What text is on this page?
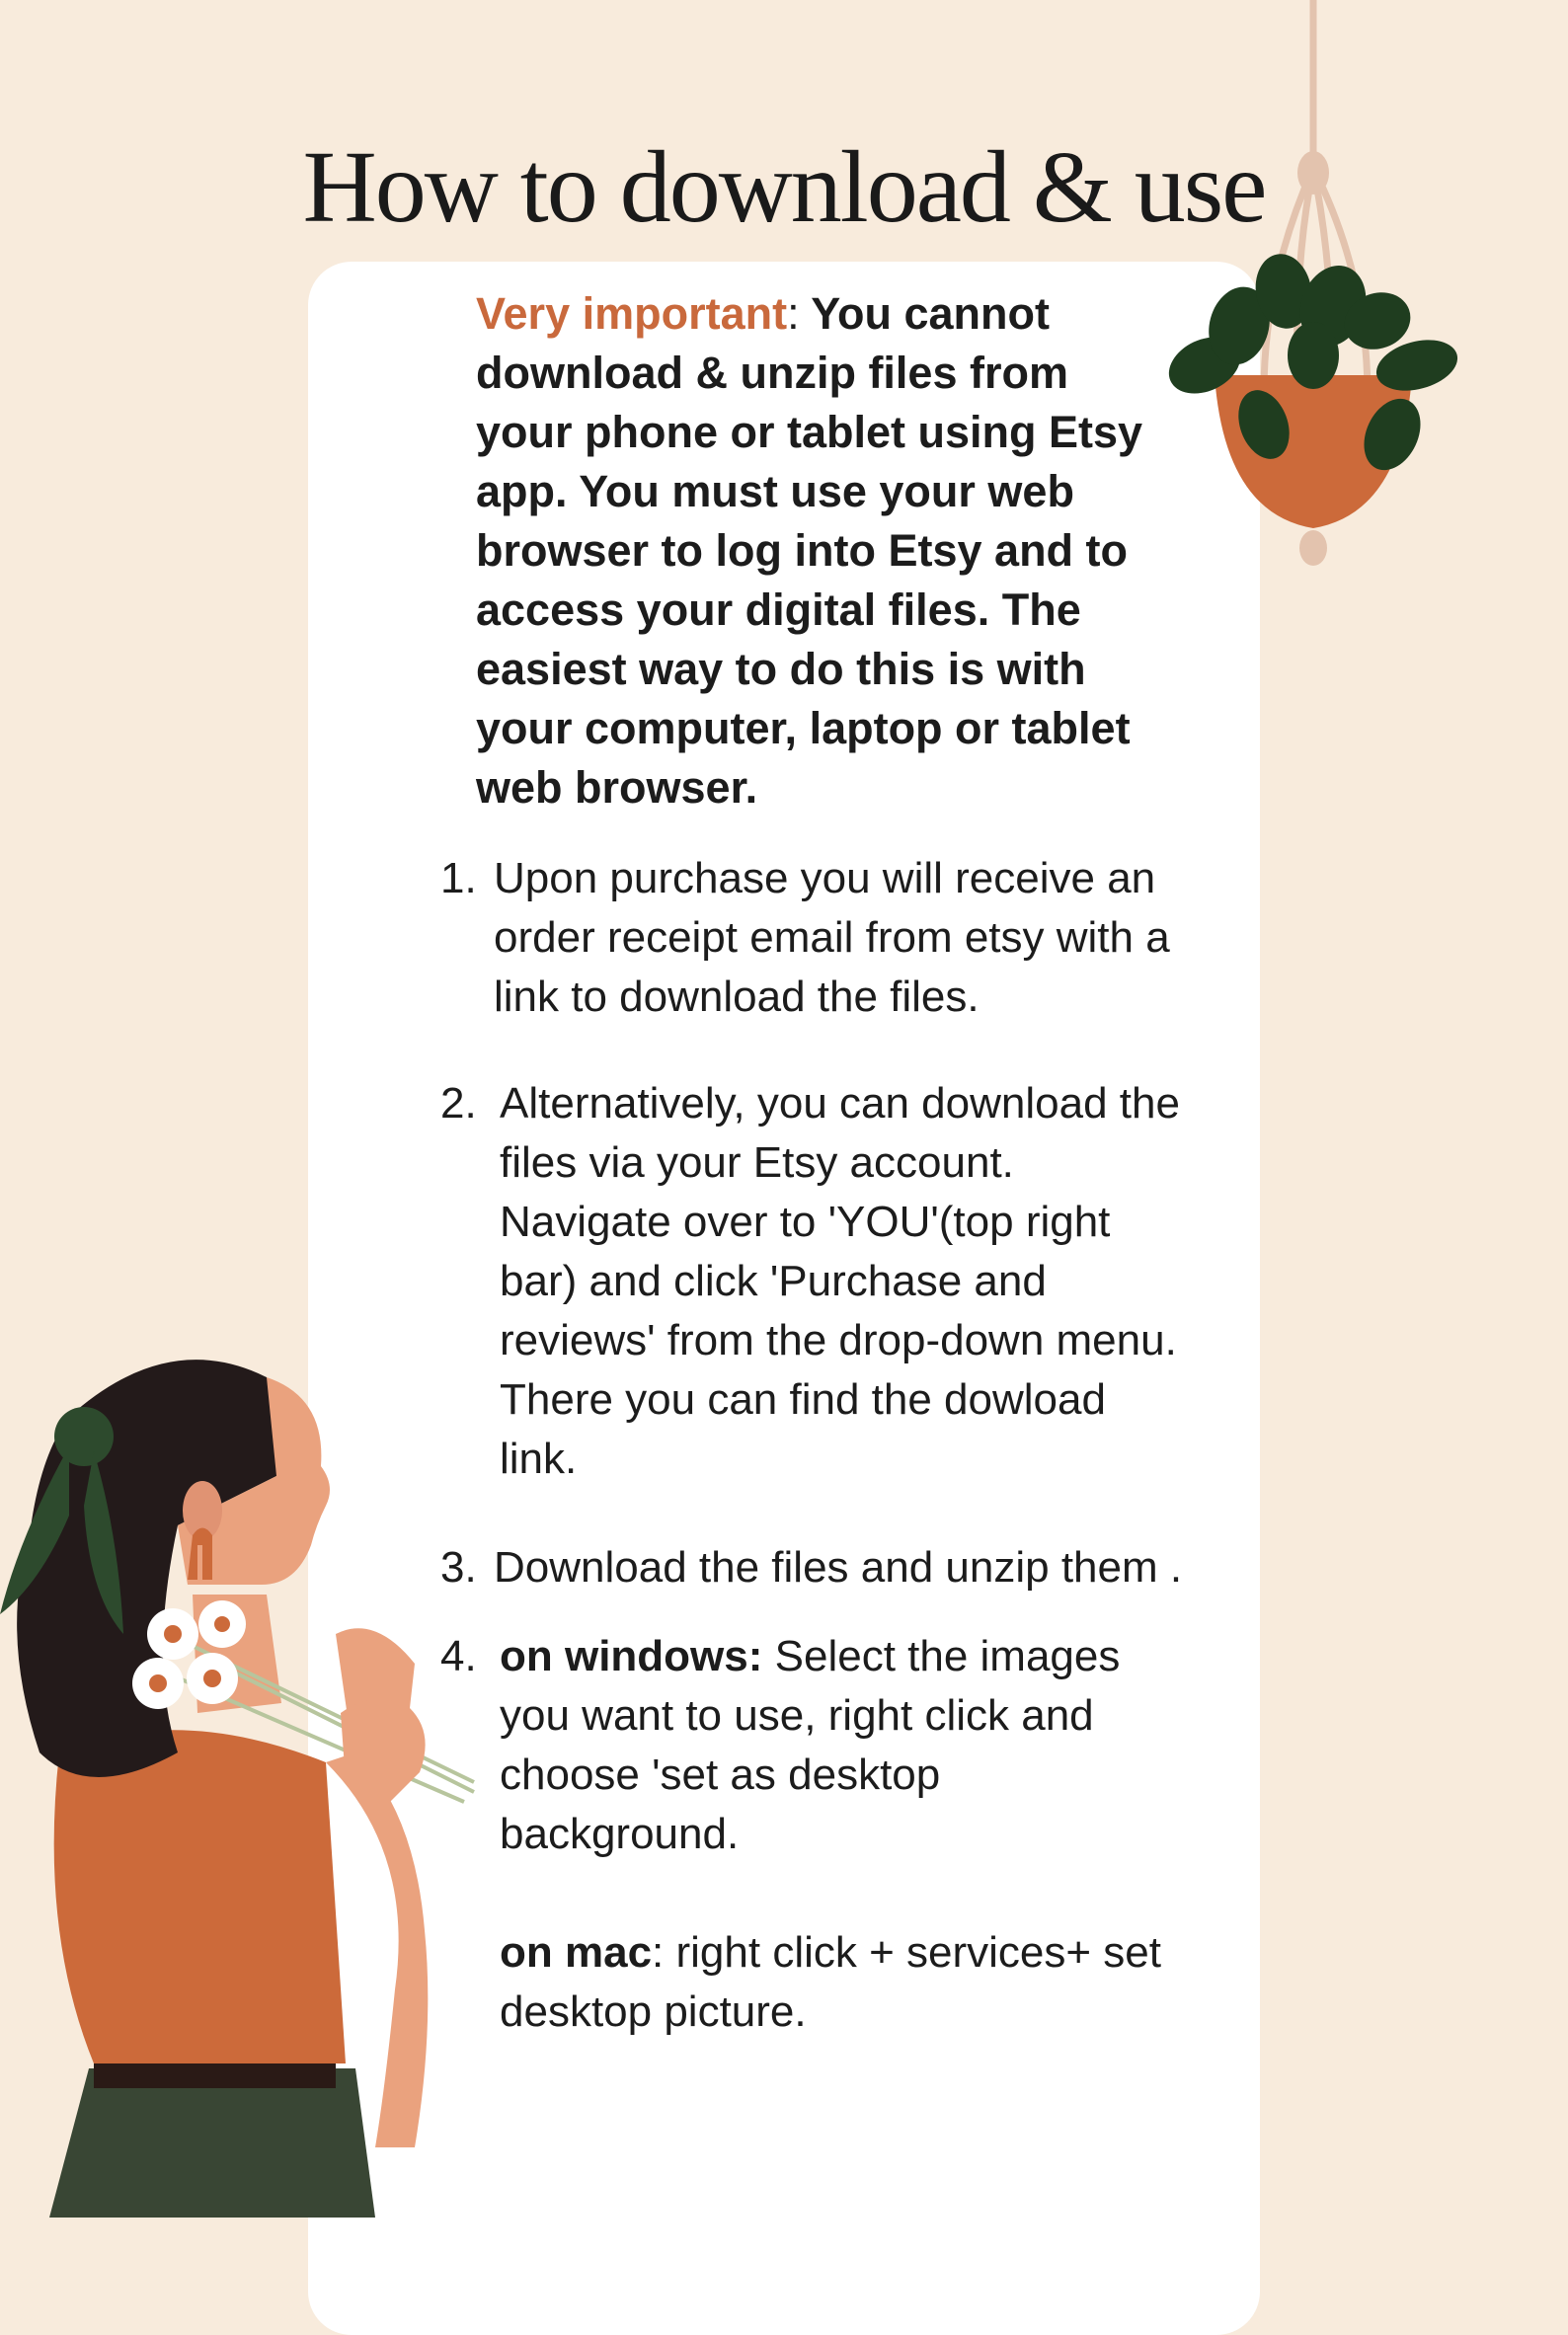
How to download & use

Very important: You cannot download & unzip files from your phone or tablet using Etsy app. You must use your web browser to log into Etsy and to access your digital files. The easiest way to do this is with your computer, laptop or tablet web browser.

1. Upon purchase you will receive an order receipt email from etsy with a link to download the files.
2. Alternatively, you can download the files via your Etsy account. Navigate over to 'YOU'(top right bar) and click 'Purchase and reviews' from the drop-down menu. There you can find the dowload link.
3. Download the files and unzip them .
4. on windows: Select the images you want to use, right click and choose 'set as desktop background.
on mac: right click + services+ set desktop picture.
